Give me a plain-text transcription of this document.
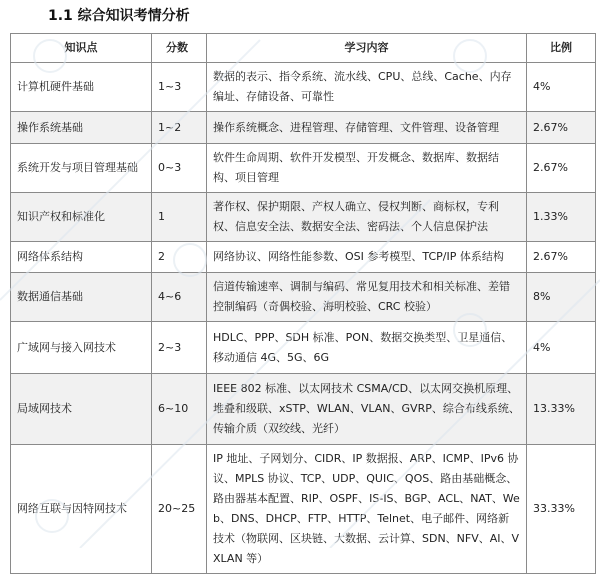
1.1 综合知识考情分析
知识点	分数	学习内容	比例
计算机硬件基础	1~3	数据的表示、指令系统、流水线、CPU、总线、Cache、内存编址、存储设备、可靠性	4%
操作系统基础	1~2	操作系统概念、进程管理、存储管理、文件管理、设备管理	2.67%
系统开发与项目管理基础	0~3	软件生命周期、软件开发模型、开发概念、数据库、数据结构、项目管理	2.67%
知识产权和标准化	1	著作权、保护期限、产权人确立、侵权判断、商标权，专利权、信息安全法、数据安全法、密码法、个人信息保护法	1.33%
网络体系结构	2	网络协议、网络性能参数、OSI 参考模型、TCP/IP 体系结构	2.67%
数据通信基础	4~6	信道传输速率、调制与编码、常见复用技术和相关标准、差错控制编码（奇偶校验、海明校验、CRC 校验）	8%
广域网与接入网技术	2~3	HDLC、PPP、SDH 标准、PON、数据交换类型、卫星通信、移动通信 4G、5G、6G	4%
局域网技术	6~10	IEEE 802 标准、以太网技术 CSMA/CD、以太网交换机原理、堆叠和级联、xSTP、WLAN、VLAN、GVRP、综合布线系统、传输介质（双绞线、光纤）	13.33%
网络互联与因特网技术	20~25	IP 地址、子网划分、CIDR、IP 数据报、ARP、ICMP、IPv6 协议、MPLS 协议、TCP、UDP、QUIC、QOS、路由基础概念、路由器基本配置、RIP、OSPF、IS-IS、BGP、ACL、NAT、Web、DNS、DHCP、FTP、HTTP、Telnet、电子邮件、网络新技术（物联网、区块链、大数据、云计算、SDN、NFV、AI、VXLAN 等）	33.33%
